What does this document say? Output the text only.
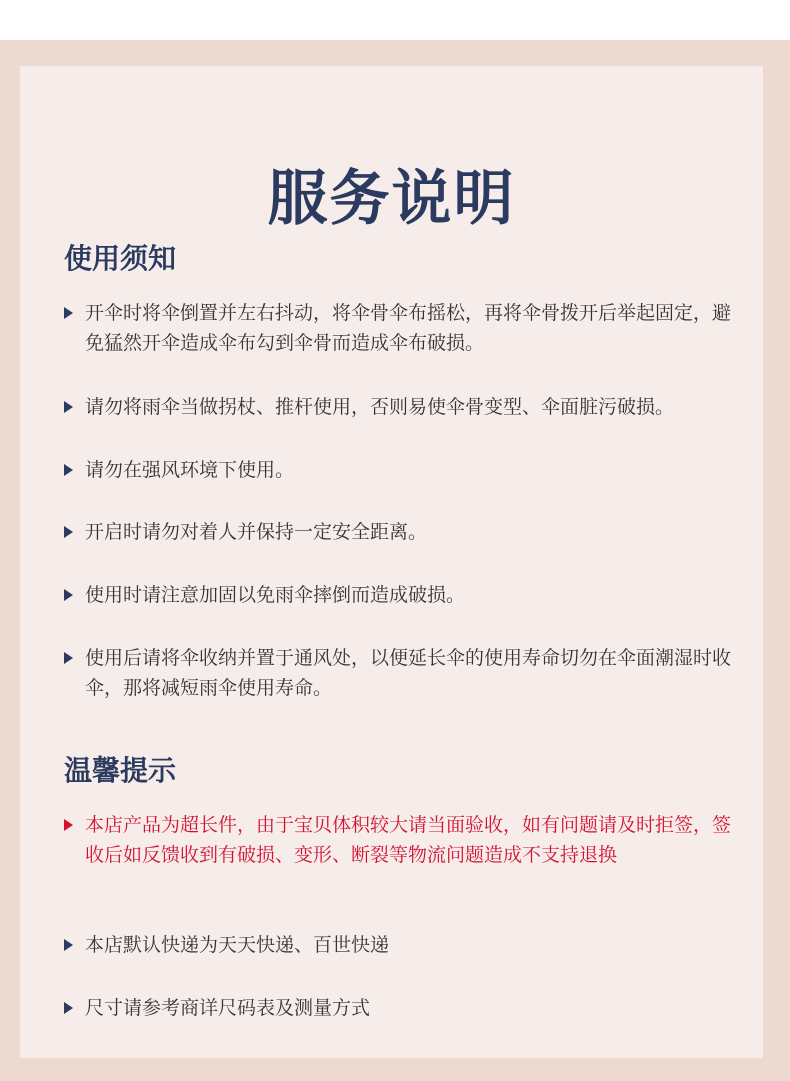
服务说明
使用须知
开伞时将伞倒置并左右抖动，将伞骨伞布摇松，再将伞骨拨开后举起固定，避免猛然开伞造成伞布勾到伞骨而造成伞布破损。
请勿将雨伞当做拐杖、推杆使用，否则易使伞骨变型、伞面脏污破损。
请勿在强风环境下使用。
开启时请勿对着人并保持一定安全距离。
使用时请注意加固以免雨伞摔倒而造成破损。
使用后请将伞收纳并置于通风处，以便延长伞的使用寿命切勿在伞面潮湿时收伞，那将减短雨伞使用寿命。
温馨提示
本店产品为超长件，由于宝贝体积较大请当面验收，如有问题请及时拒签，签收后如反馈收到有破损、变形、断裂等物流问题造成不支持退换
本店默认快递为天天快递、百世快递
尺寸请参考商详尺码表及测量方式
